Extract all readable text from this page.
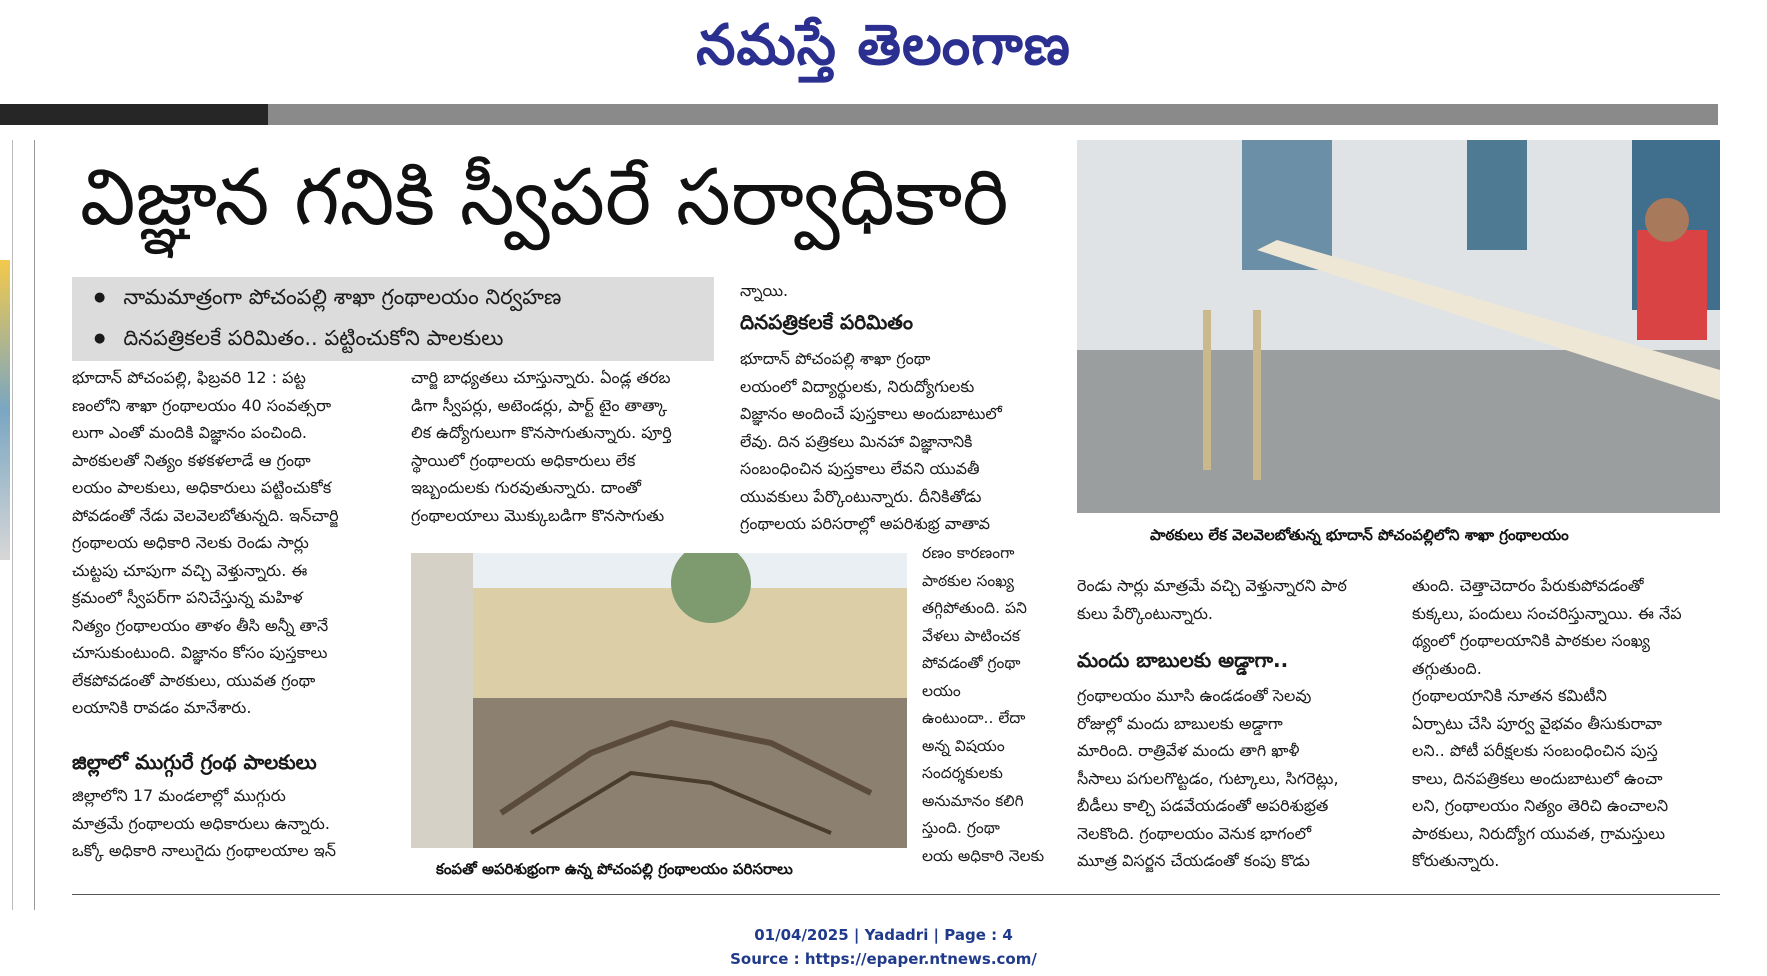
నమస్తే తెలంగాణ
విజ్ఞాన గనికి స్వీపరే సర్వాధికారి
● నామమాత్రంగా పోచంపల్లి శాఖా గ్రంథాలయం నిర్వహణ
● దినపత్రికలకే పరిమితం.. పట్టించుకోని పాలకులు
భూదాన్ పోచంపల్లి, ఫిబ్రవరి 12 : పట్ట
ణంలోని శాఖా గ్రంథాలయం 40 సంవత్సరా
లుగా ఎంతో మందికి విజ్ఞానం పంచింది.
పాఠకులతో నిత్యం కళకళలాడే ఆ గ్రంథా
లయం పాలకులు, అధికారులు పట్టించుకోక
పోవడంతో నేడు వెలవెలబోతున్నది. ఇన్‌చార్జి
గ్రంథాలయ అధికారి నెలకు రెండు సార్లు
చుట్టపు చూపుగా వచ్చి వెళ్తున్నారు. ఈ
క్రమంలో స్వీపర్‌గా పనిచేస్తున్న మహిళ
నిత్యం గ్రంథాలయం తాళం తీసి అన్నీ తానే
చూసుకుంటుంది. విజ్ఞానం కోసం పుస్తకాలు
లేకపోవడంతో పాఠకులు, యువత గ్రంథా
లయానికి రావడం మానేశారు.
జిల్లాలో ముగ్గురే గ్రంథ పాలకులు
జిల్లాలోని 17 మండలాల్లో ముగ్గురు
మాత్రమే గ్రంథాలయ అధికారులు ఉన్నారు.
ఒక్కో అధికారి నాలుగైదు గ్రంథాలయాల ఇన్
చార్జి బాధ్యతలు చూస్తున్నారు. ఏండ్ల తరబ
డిగా స్వీపర్లు, అటెండర్లు, పార్ట్ టైం తాత్కా
లిక ఉద్యోగులుగా కొనసాగుతున్నారు. పూర్తి
స్థాయిలో గ్రంథాలయ అధికారులు లేక
ఇబ్బందులకు గురవుతున్నారు. దాంతో
గ్రంథాలయాలు మొక్కుబడిగా కొనసాగుతు
న్నాయి.
దినపత్రికలకే పరిమితం
భూదాన్ పోచంపల్లి శాఖా గ్రంథా
లయంలో విద్యార్థులకు, నిరుద్యోగులకు
విజ్ఞానం అందించే పుస్తకాలు అందుబాటులో
లేవు. దిన పత్రికలు మినహా విజ్ఞానానికి
సంబంధించిన పుస్తకాలు లేవని యువతీ
యువకులు పేర్కొంటున్నారు. దీనికితోడు
గ్రంథాలయ పరిసరాల్లో అపరిశుభ్ర వాతావ
రణం కారణంగా
పాఠకుల సంఖ్య
తగ్గిపోతుంది. పని
వేళలు పాటించక
పోవడంతో గ్రంథా
లయం
ఉంటుందా.. లేదా
అన్న విషయం
సందర్శకులకు
అనుమానం కలిగి
స్తుంది. గ్రంథా
లయ అధికారి నెలకు
కంపతో అపరిశుభ్రంగా ఉన్న పోచంపల్లి గ్రంథాలయం పరిసరాలు
పాఠకులు లేక వెలవెలబోతున్న భూదాన్ పోచంపల్లిలోని శాఖా గ్రంథాలయం
రెండు సార్లు మాత్రమే వచ్చి వెళ్తున్నారని పాఠ
కులు పేర్కొంటున్నారు.
మందు బాబులకు అడ్డాగా..
గ్రంథాలయం మూసి ఉండడంతో సెలవు
రోజుల్లో మందు బాబులకు అడ్డాగా
మారింది. రాత్రివేళ మందు తాగి ఖాళీ
సీసాలు పగులగొట్టడం, గుట్కాలు, సిగరెట్లు,
బీడీలు కాల్చి పడవేయడంతో అపరిశుభ్రత
నెలకొంది. గ్రంథాలయం వెనుక భాగంలో
మూత్ర విసర్జన చేయడంతో కంపు కొడు
తుంది. చెత్తాచెదారం పేరుకుపోవడంతో
కుక్కలు, పందులు సంచరిస్తున్నాయి. ఈ నేప
థ్యంలో గ్రంథాలయానికి పాఠకుల సంఖ్య
తగ్గుతుంది.
గ్రంథాలయానికి నూతన కమిటీని
ఏర్పాటు చేసి పూర్వ వైభవం తీసుకురావా
లని.. పోటీ పరీక్షలకు సంబంధించిన పుస్త
కాలు, దినపత్రికలు అందుబాటులో ఉంచా
లని, గ్రంథాలయం నిత్యం తెరిచి ఉంచాలని
పాఠకులు, నిరుద్యోగ యువత, గ్రామస్తులు
కోరుతున్నారు.
01/04/2025 | Yadadri | Page : 4
Source : https://epaper.ntnews.com/
